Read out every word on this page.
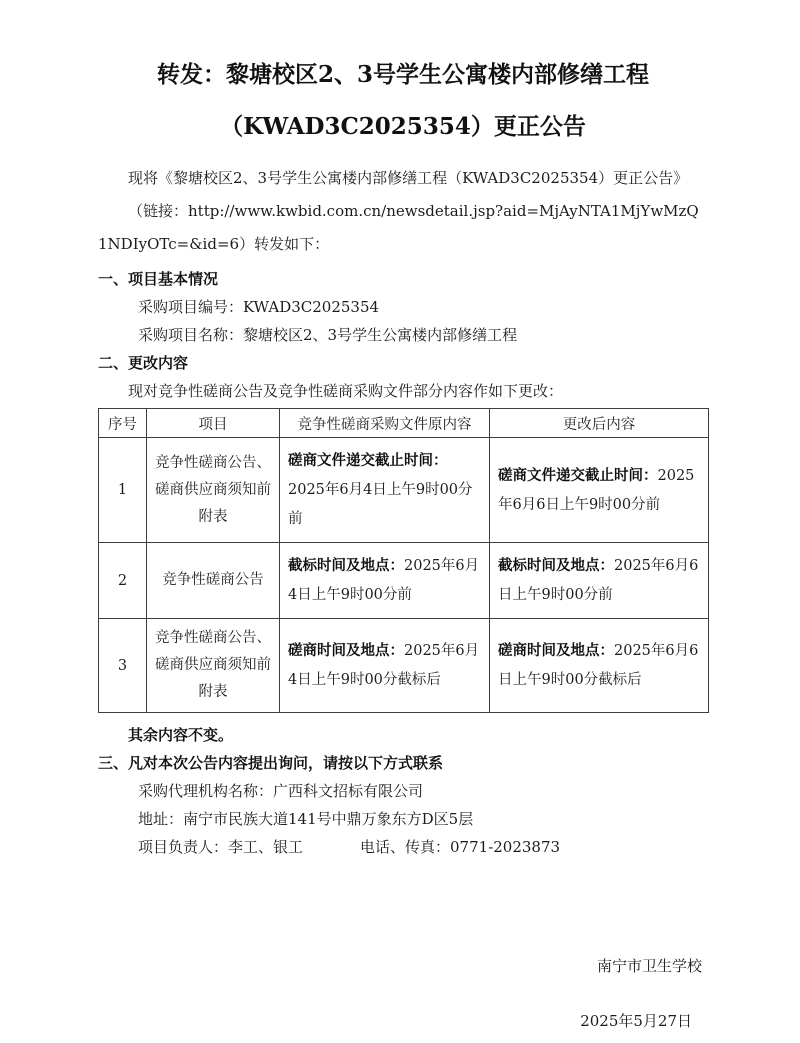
转发：黎塘校区2、3号学生公寓楼内部修缮工程
（KWAD3C2025354）更正公告

现将《黎塘校区2、3号学生公寓楼内部修缮工程（KWAD3C2025354）更正公告》

（链接：http://www.kwbid.com.cn/newsdetail.jsp?aid=MjAyNTA1MjYwMzQ1NDIyOTc=&id=6）转发如下：

一、项目基本情况
采购项目编号：KWAD3C2025354
采购项目名称：黎塘校区2、3号学生公寓楼内部修缮工程
二、更改内容
现对竞争性磋商公告及竞争性磋商采购文件部分内容作如下更改：
序号	项目	竞争性磋商采购文件原内容	更改后内容
1	竞争性磋商公告、磋商供应商须知前附表	磋商文件递交截止时间：2025年6月4日上午9时00分前	磋商文件递交截止时间：2025年6月6日上午9时00分前
2	竞争性磋商公告	截标时间及地点：2025年6月4日上午9时00分前	截标时间及地点：2025年6月6日上午9时00分前
3	竞争性磋商公告、磋商供应商须知前附表	磋商时间及地点：2025年6月4日上午9时00分截标后	磋商时间及地点：2025年6月6日上午9时00分截标后
其余内容不变。
三、凡对本次公告内容提出询问，请按以下方式联系
采购代理机构名称：广西科文招标有限公司
地址：南宁市民族大道141号中鼎万象东方D区5层
项目负责人：李工、银工	电话、传真：0771-2023873
南宁市卫生学校
2025年5月27日
